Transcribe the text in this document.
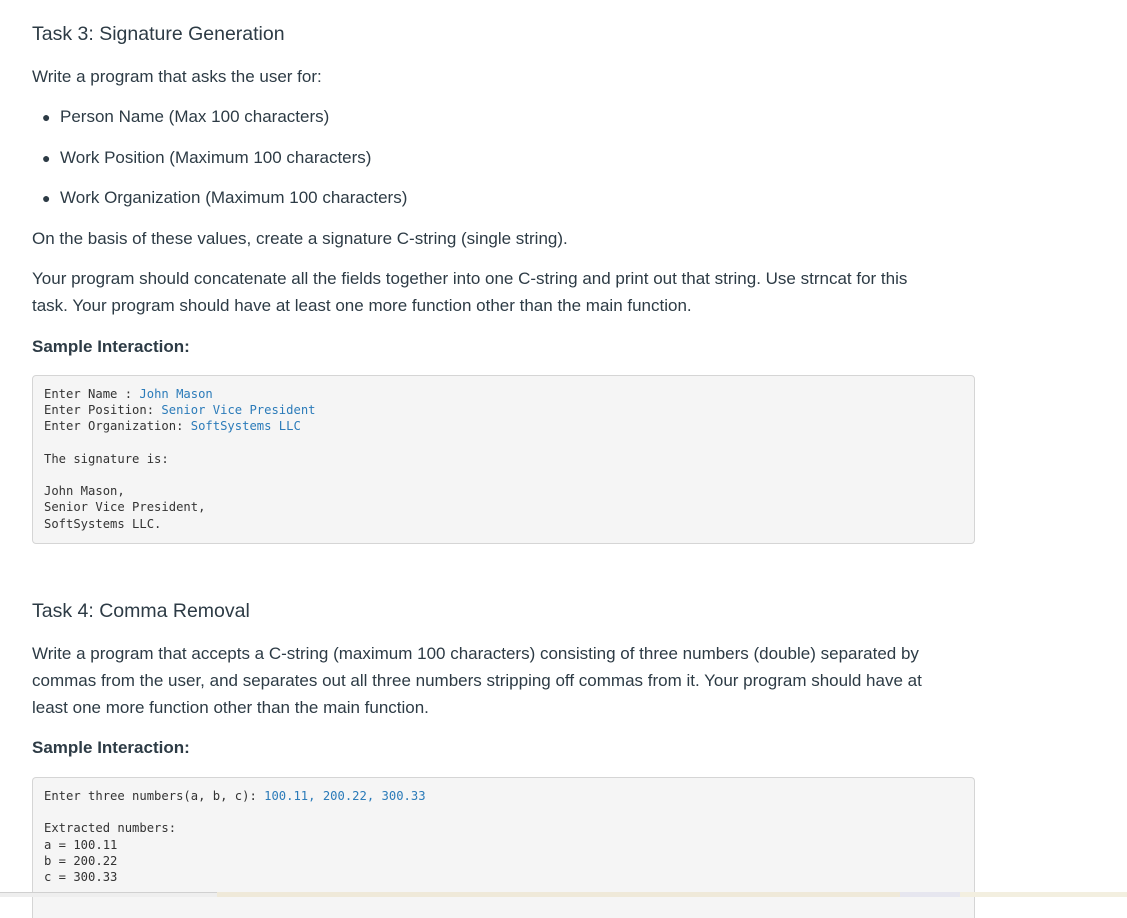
Task 3: Signature Generation

Write a program that asks the user for:

● Person Name (Max 100 characters)
● Work Position (Maximum 100 characters)
● Work Organization (Maximum 100 characters)

On the basis of these values, create a signature C-string (single string).

Your program should concatenate all the fields together into one C-string and print out that string. Use strncat for this
task. Your program should have at least one more function other than the main function.

Sample Interaction:

Enter Name : John Mason
Enter Position: Senior Vice President
Enter Organization: SoftSystems LLC

The signature is:

John Mason,
Senior Vice President,
SoftSystems LLC.
Task 4: Comma Removal

Write a program that accepts a C-string (maximum 100 characters) consisting of three numbers (double) separated by
commas from the user, and separates out all three numbers stripping off commas from it. Your program should have at
least one more function other than the main function.

Sample Interaction:

Enter three numbers(a, b, c): 100.11, 200.22, 300.33

Extracted numbers:
a = 100.11
b = 200.22
c = 300.33
